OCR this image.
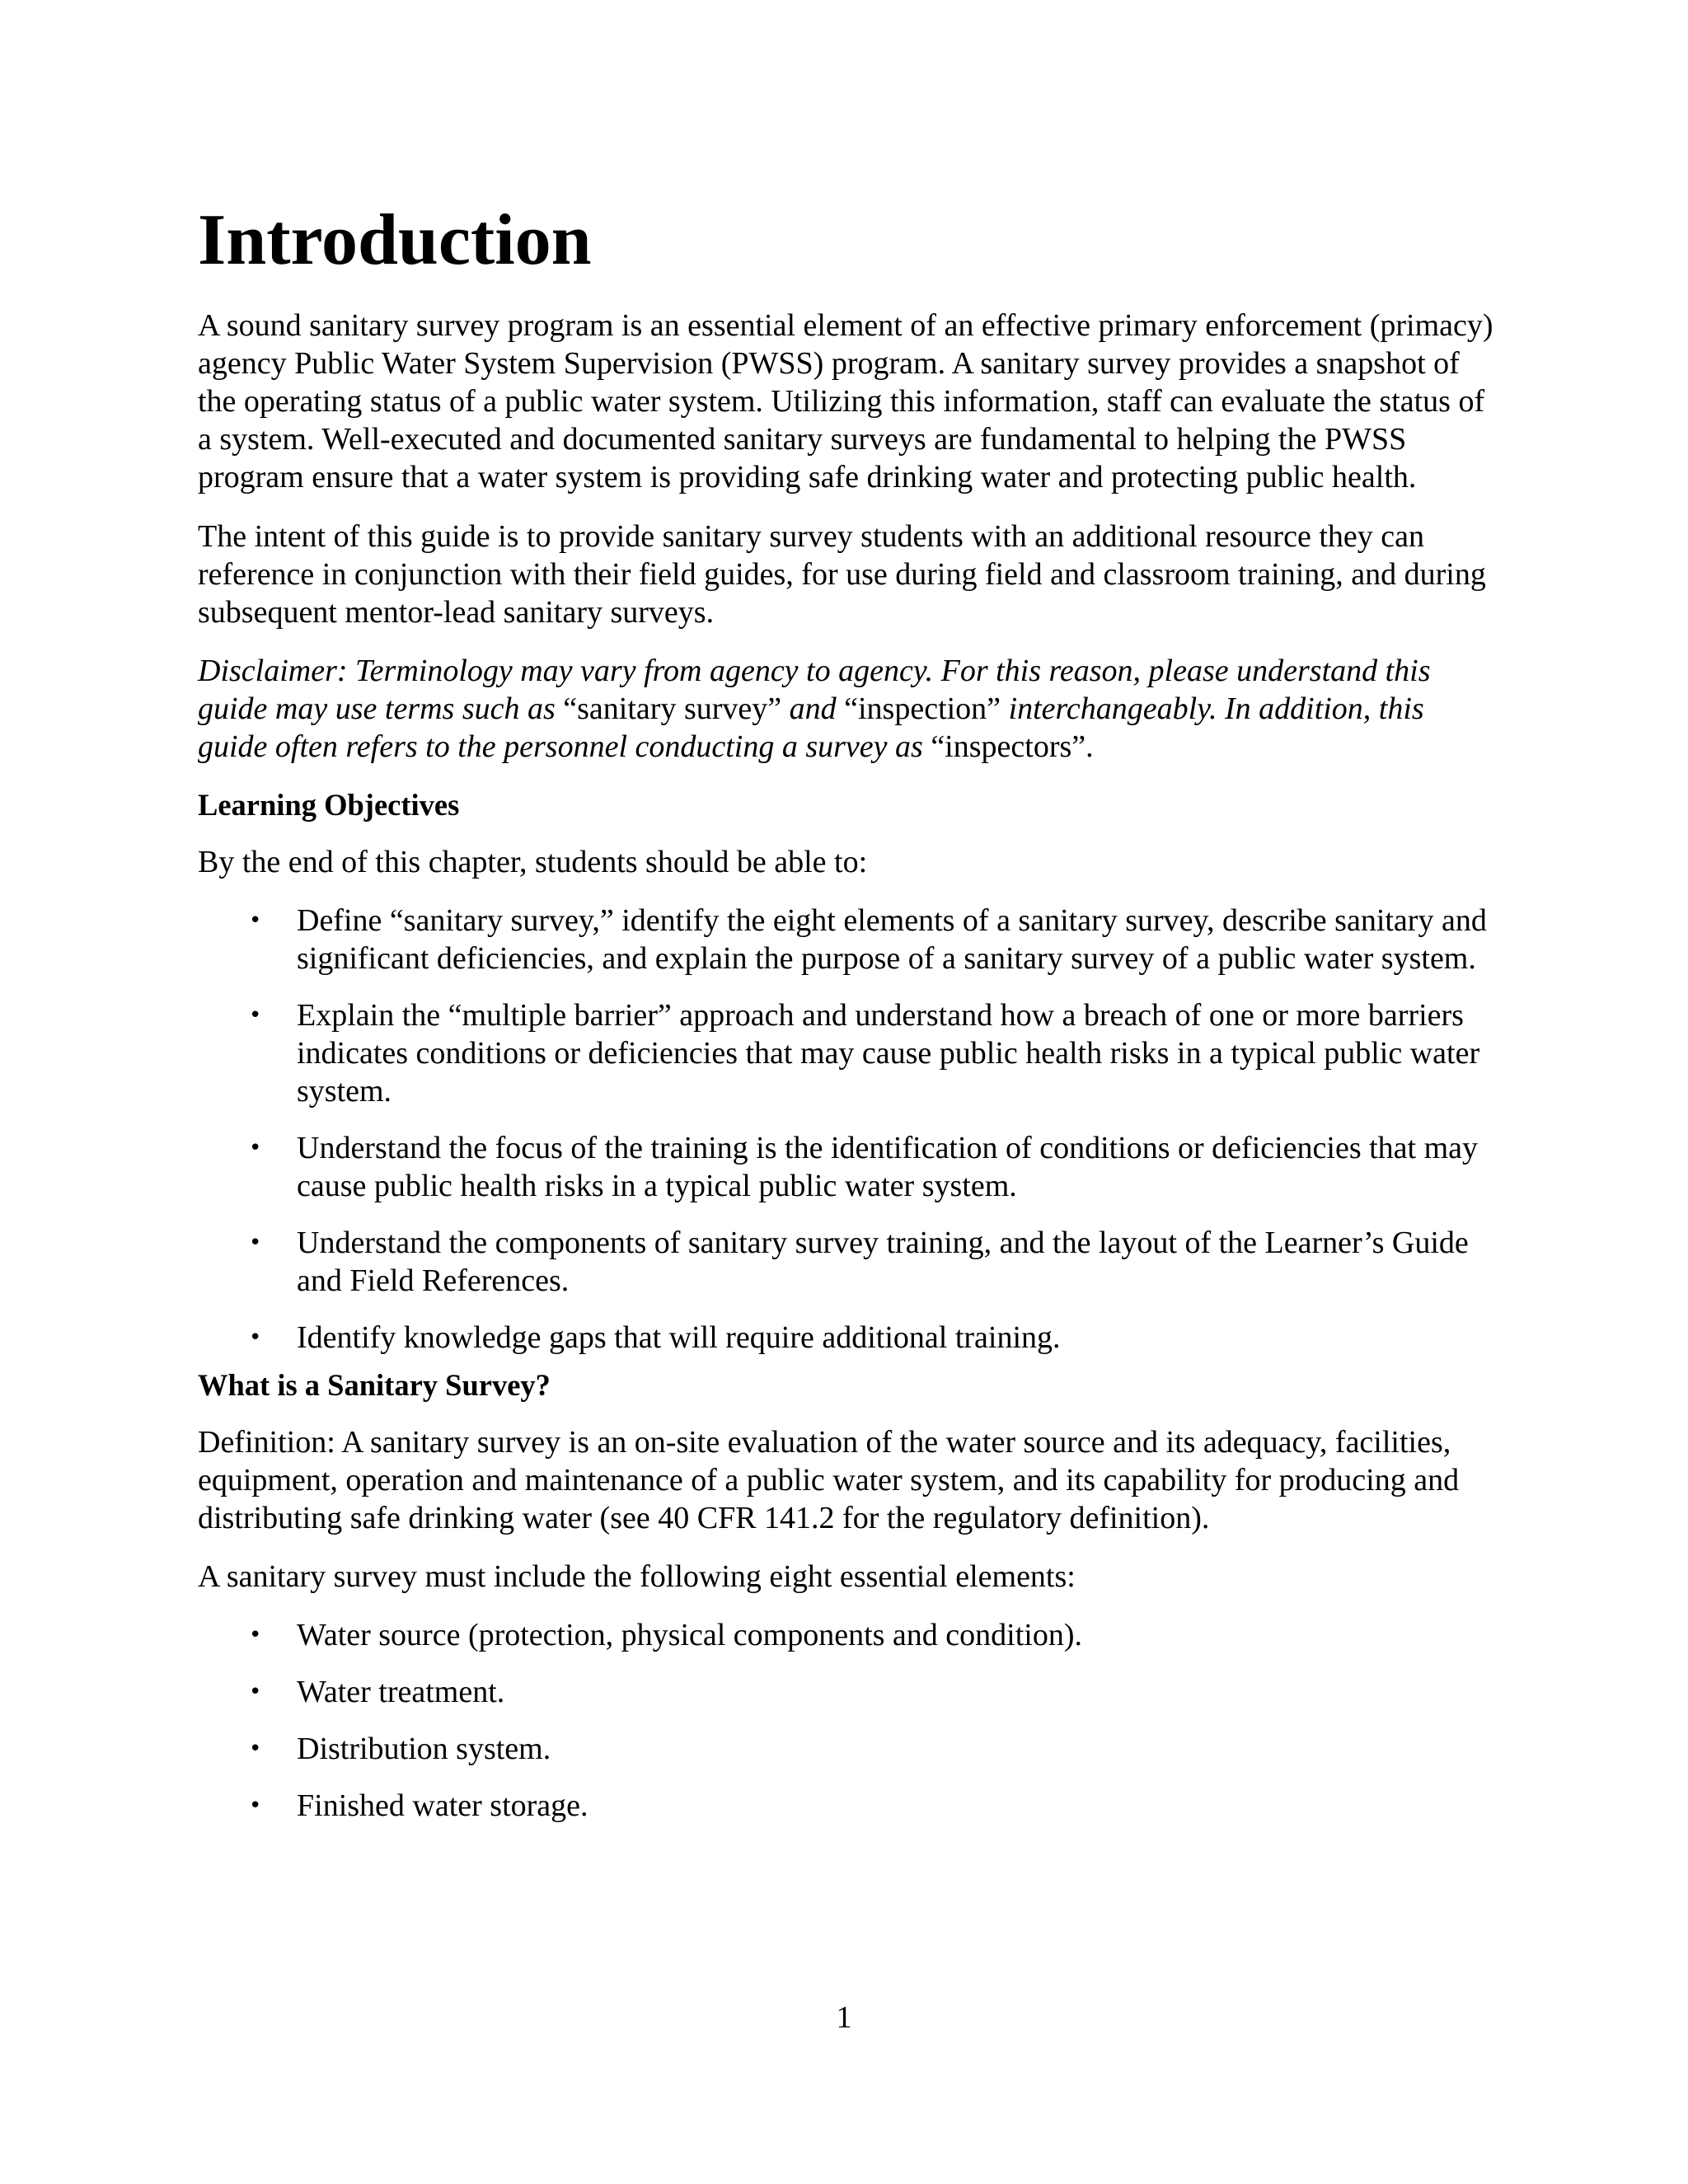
Introduction

A sound sanitary survey program is an essential element of an effective primary enforcement (primacy) agency Public Water System Supervision (PWSS) program. A sanitary survey provides a snapshot of the operating status of a public water system. Utilizing this information, staff can evaluate the status of a system. Well-executed and documented sanitary surveys are fundamental to helping the PWSS program ensure that a water system is providing safe drinking water and protecting public health.

The intent of this guide is to provide sanitary survey students with an additional resource they can reference in conjunction with their field guides, for use during field and classroom training, and during subsequent mentor-lead sanitary surveys.

Disclaimer: Terminology may vary from agency to agency. For this reason, please understand this guide may use terms such as “sanitary survey” and “inspection” interchangeably. In addition, this guide often refers to the personnel conducting a survey as “inspectors”.

Learning Objectives

By the end of this chapter, students should be able to:

• Define “sanitary survey,” identify the eight elements of a sanitary survey, describe sanitary and significant deficiencies, and explain the purpose of a sanitary survey of a public water system.
• Explain the “multiple barrier” approach and understand how a breach of one or more barriers indicates conditions or deficiencies that may cause public health risks in a typical public water system.
• Understand the focus of the training is the identification of conditions or deficiencies that may cause public health risks in a typical public water system.
• Understand the components of sanitary survey training, and the layout of the Learner’s Guide and Field References.
• Identify knowledge gaps that will require additional training.
What is a Sanitary Survey?

Definition: A sanitary survey is an on-site evaluation of the water source and its adequacy, facilities, equipment, operation and maintenance of a public water system, and its capability for producing and distributing safe drinking water (see 40 CFR 141.2 for the regulatory definition).

A sanitary survey must include the following eight essential elements:

• Water source (protection, physical components and condition).
• Water treatment.
• Distribution system.
• Finished water storage.
1
